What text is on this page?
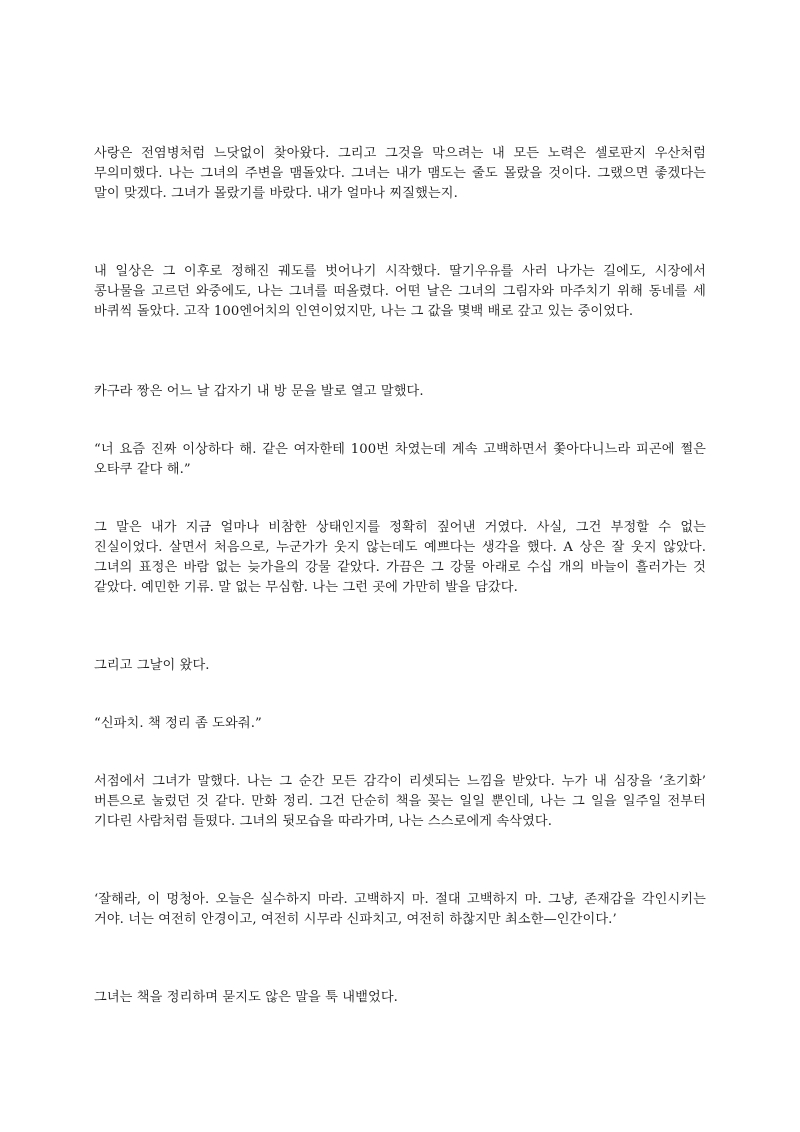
사랑은 전염병처럼 느닷없이 찾아왔다. 그리고 그것을 막으려는 내 모든 노력은 셀로판지 우산처럼 무의미했다. 나는 그녀의 주변을 맴돌았다. 그녀는 내가 맴도는 줄도 몰랐을 것이다. 그랬으면 좋겠다는 말이 맞겠다. 그녀가 몰랐기를 바랐다. 내가 얼마나 찌질했는지.

내 일상은 그 이후로 정해진 궤도를 벗어나기 시작했다. 딸기우유를 사러 나가는 길에도, 시장에서 콩나물을 고르던 와중에도, 나는 그녀를 떠올렸다. 어떤 날은 그녀의 그림자와 마주치기 위해 동네를 세 바퀴씩 돌았다. 고작 100엔어치의 인연이었지만, 나는 그 값을 몇백 배로 갚고 있는 중이었다.

카구라 짱은 어느 날 갑자기 내 방 문을 발로 열고 말했다.

“너 요즘 진짜 이상하다 해. 같은 여자한테 100번 차였는데 계속 고백하면서 쫓아다니느라 피곤에 쩔은 오타쿠 같다 해.”

그 말은 내가 지금 얼마나 비참한 상태인지를 정확히 짚어낸 거였다. 사실, 그건 부정할 수 없는 진실이었다. 살면서 처음으로, 누군가가 웃지 않는데도 예쁘다는 생각을 했다. A 상은 잘 웃지 않았다. 그녀의 표정은 바람 없는 늦가을의 강물 같았다. 가끔은 그 강물 아래로 수십 개의 바늘이 흘러가는 것 같았다. 예민한 기류. 말 없는 무심함. 나는 그런 곳에 가만히 발을 담갔다.

그리고 그날이 왔다.

“신파치. 책 정리 좀 도와줘.”

서점에서 그녀가 말했다. 나는 그 순간 모든 감각이 리셋되는 느낌을 받았다. 누가 내 심장을 ‘초기화’ 버튼으로 눌렀던 것 같다. 만화 정리. 그건 단순히 책을 꽂는 일일 뿐인데, 나는 그 일을 일주일 전부터 기다린 사람처럼 들떴다. 그녀의 뒷모습을 따라가며, 나는 스스로에게 속삭였다.

‘잘해라, 이 멍청아. 오늘은 실수하지 마라. 고백하지 마. 절대 고백하지 마. 그냥, 존재감을 각인시키는 거야. 너는 여전히 안경이고, 여전히 시무라 신파치고, 여전히 하찮지만 최소한—인간이다.’

그녀는 책을 정리하며 묻지도 않은 말을 툭 내뱉었다.
